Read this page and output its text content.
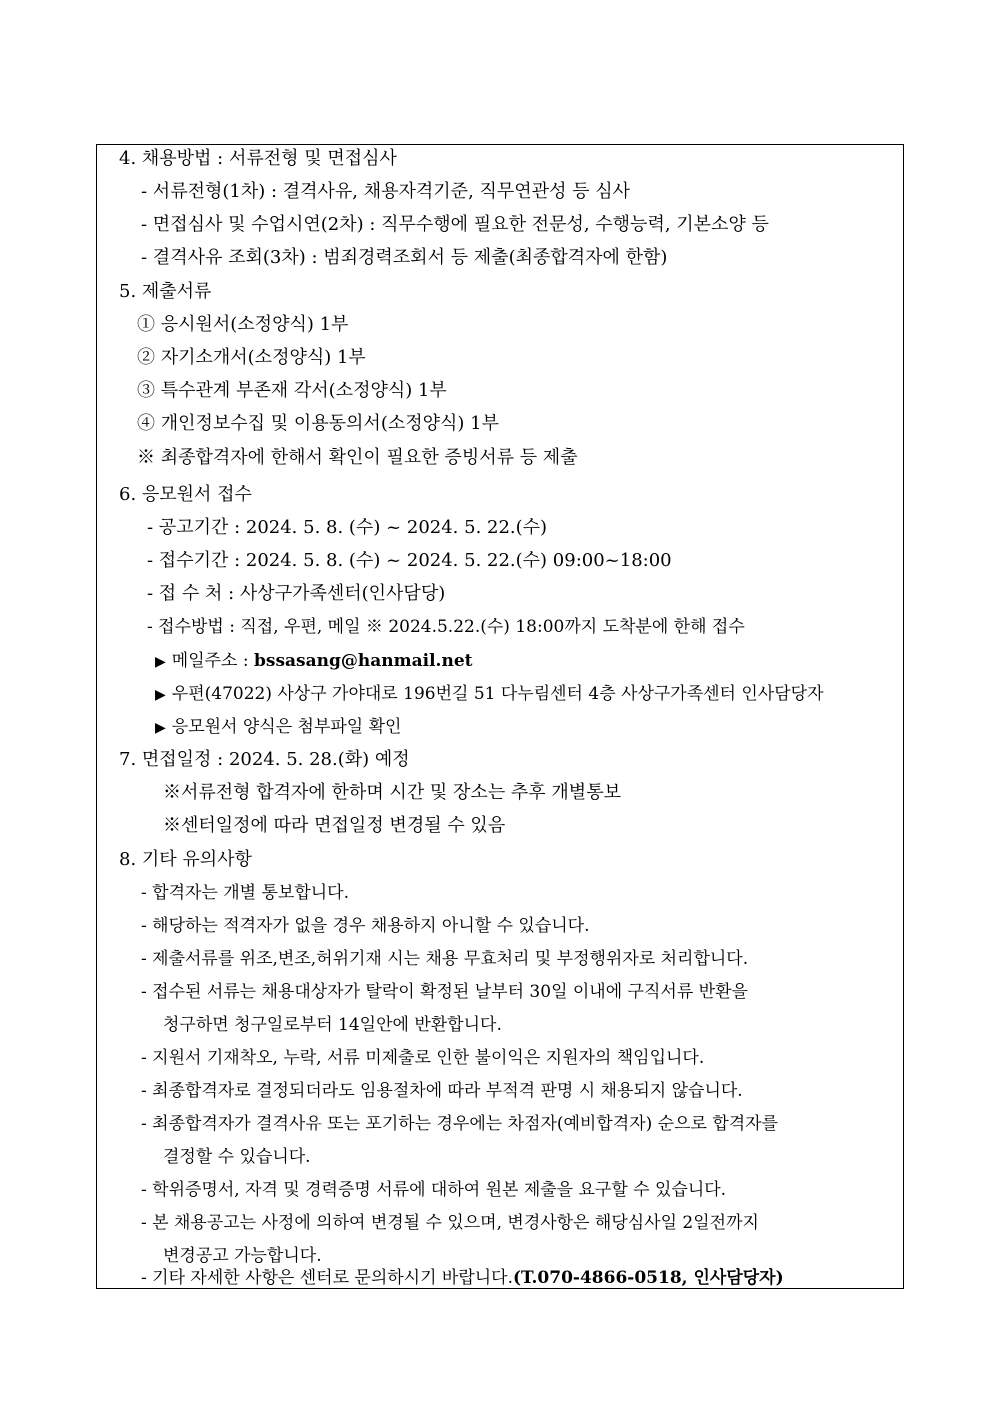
4. 채용방법 : 서류전형 및 면접심사
- 서류전형(1차) : 결격사유, 채용자격기준, 직무연관성 등 심사
- 면접심사 및 수업시연(2차) : 직무수행에 필요한 전문성, 수행능력, 기본소양 등
- 결격사유 조회(3차) : 범죄경력조회서 등 제출(최종합격자에 한함)
5. 제출서류
① 응시원서(소정양식) 1부
② 자기소개서(소정양식) 1부
③ 특수관계 부존재 각서(소정양식) 1부
④ 개인정보수집 및 이용동의서(소정양식) 1부
※ 최종합격자에 한해서 확인이 필요한 증빙서류 등 제출
6. 응모원서 접수
- 공고기간 : 2024. 5. 8. (수) ~ 2024. 5. 22.(수)
- 접수기간 : 2024. 5. 8. (수) ~ 2024. 5. 22.(수) 09:00~18:00
- 접 수 처 : 사상구가족센터(인사담당)
- 접수방법 : 직접, 우편, 메일 ※ 2024.5.22.(수) 18:00까지 도착분에 한해 접수
▶ 메일주소 : bssasang@hanmail.net
▶ 우편(47022) 사상구 가야대로 196번길 51 다누림센터 4층 사상구가족센터 인사담당자
▶ 응모원서 양식은 첨부파일 확인
7. 면접일정 : 2024. 5. 28.(화) 예정
※서류전형 합격자에 한하며 시간 및 장소는 추후 개별통보
※센터일정에 따라 면접일정 변경될 수 있음
8. 기타 유의사항
- 합격자는 개별 통보합니다.
- 해당하는 적격자가 없을 경우 채용하지 아니할 수 있습니다.
- 제출서류를 위조,변조,허위기재 시는 채용 무효처리 및 부정행위자로 처리합니다.
- 접수된 서류는 채용대상자가 탈락이 확정된 날부터 30일 이내에 구직서류 반환을
청구하면 청구일로부터 14일안에 반환합니다.
- 지원서 기재착오, 누락, 서류 미제출로 인한 불이익은 지원자의 책임입니다.
- 최종합격자로 결정되더라도 임용절차에 따라 부적격 판명 시 채용되지 않습니다.
- 최종합격자가 결격사유 또는 포기하는 경우에는 차점자(예비합격자) 순으로 합격자를
결정할 수 있습니다.
- 학위증명서, 자격 및 경력증명 서류에 대하여 원본 제출을 요구할 수 있습니다.
- 본 채용공고는 사정에 의하여 변경될 수 있으며, 변경사항은 해당심사일 2일전까지
변경공고 가능합니다.
- 기타 자세한 사항은 센터로 문의하시기 바랍니다.(T.070-4866-0518, 인사담당자)
